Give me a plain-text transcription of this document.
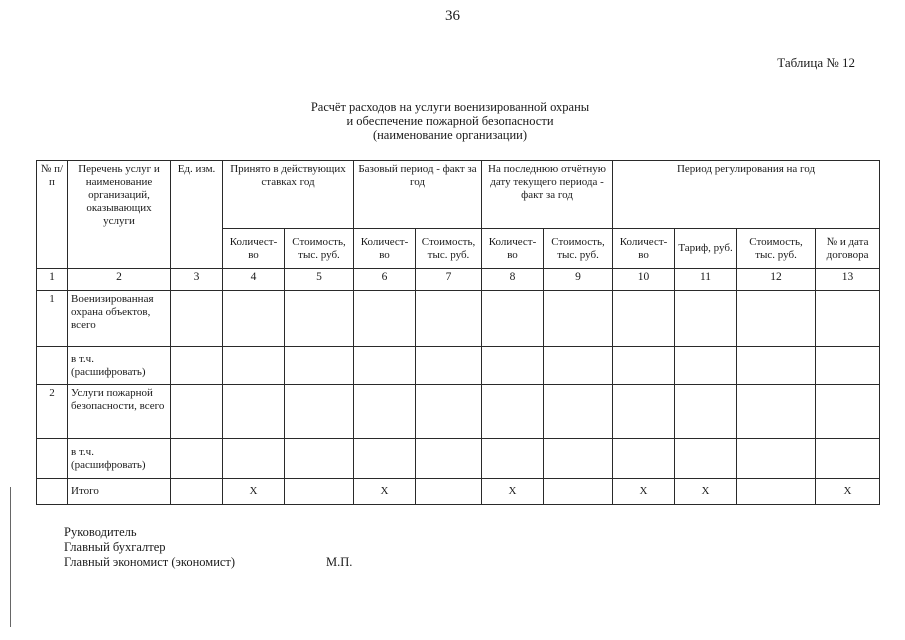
36
Таблица № 12
Расчёт расходов на услуги военизированной охраны
и обеспечение пожарной безопасности
(наименование организации)
№ п/п	Перечень услуг и наименование организаций, оказывающих услуги	Ед. изм.	Принято в действующих ставках год		Базовый период - факт за год		На последнюю отчётную дату текущего периода - факт за год		Период регулирования на год			
			Количест-во	Стоимость, тыс. руб.	Количест-во	Стоимость, тыс. руб.	Количест-во	Стоимость, тыс. руб.	Количест-во	Тариф, руб.	Стоимость, тыс. руб.	№ и дата договора
1	2	3	4	5	6	7	8	9	10	11	12	13
1	Военизированная охрана объектов, всего											
	в т.ч. (расшифровать)											
2	Услуги пожарной безопасности, всего											
	в т.ч. (расшифровать)											
	Итого		Х		Х		Х		Х	Х		Х
Руководитель
Главный бухгалтер
Главный экономист (экономист)	М.П.
